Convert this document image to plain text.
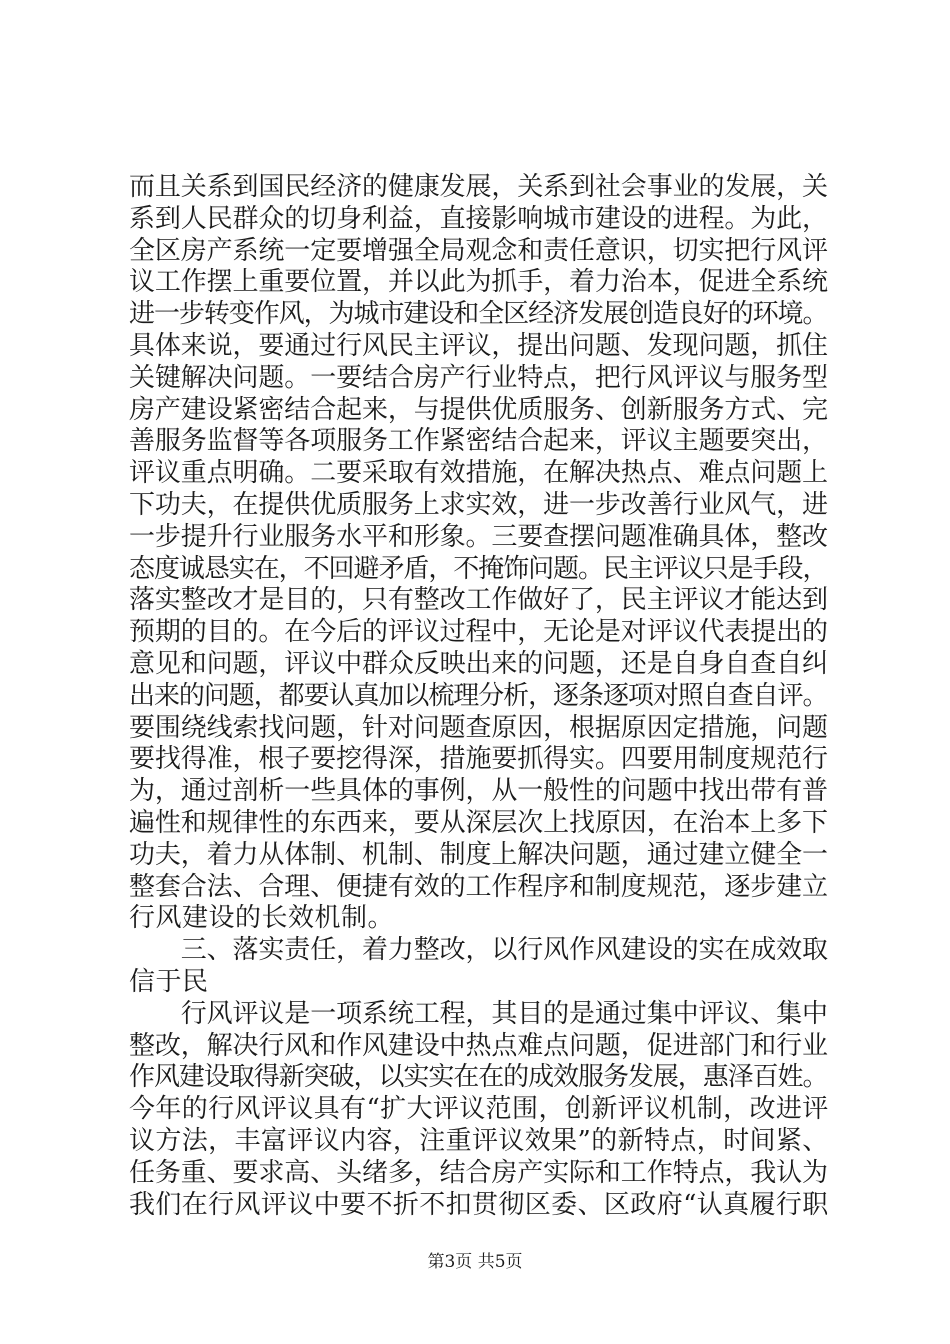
而且关系到国民经济的健康发展，关系到社会事业的发展，关
系到人民群众的切身利益，直接影响城市建设的进程。为此，
全区房产系统一定要增强全局观念和责任意识，切实把行风评
议工作摆上重要位置，并以此为抓手，着力治本，促进全系统
进一步转变作风，为城市建设和全区经济发展创造良好的环境。
具体来说，要通过行风民主评议，提出问题、发现问题，抓住
关键解决问题。一要结合房产行业特点，把行风评议与服务型
房产建设紧密结合起来，与提供优质服务、创新服务方式、完
善服务监督等各项服务工作紧密结合起来，评议主题要突出，
评议重点明确。二要采取有效措施，在解决热点、难点问题上
下功夫，在提供优质服务上求实效，进一步改善行业风气，进
一步提升行业服务水平和形象。三要查摆问题准确具体，整改
态度诚恳实在，不回避矛盾，不掩饰问题。民主评议只是手段，
落实整改才是目的，只有整改工作做好了，民主评议才能达到
预期的目的。在今后的评议过程中，无论是对评议代表提出的
意见和问题，评议中群众反映出来的问题，还是自身自查自纠
出来的问题，都要认真加以梳理分析，逐条逐项对照自查自评。
要围绕线索找问题，针对问题查原因，根据原因定措施，问题
要找得准，根子要挖得深，措施要抓得实。四要用制度规范行
为，通过剖析一些具体的事例，从一般性的问题中找出带有普
遍性和规律性的东西来，要从深层次上找原因，在治本上多下
功夫，着力从体制、机制、制度上解决问题，通过建立健全一
整套合法、合理、便捷有效的工作程序和制度规范，逐步建立
行风建设的长效机制。
　　三、落实责任，着力整改，以行风作风建设的实在成效取
信于民
　　行风评议是一项系统工程，其目的是通过集中评议、集中
整改，解决行风和作风建设中热点难点问题，促进部门和行业
作风建设取得新突破，以实实在在的成效服务发展，惠泽百姓。
今年的行风评议具有“扩大评议范围，创新评议机制，改进评
议方法，丰富评议内容，注重评议效果”的新特点，时间紧、
任务重、要求高、头绪多，结合房产实际和工作特点，我认为
我们在行风评议中要不折不扣贯彻区委、区政府“认真履行职
第3页 共5页
